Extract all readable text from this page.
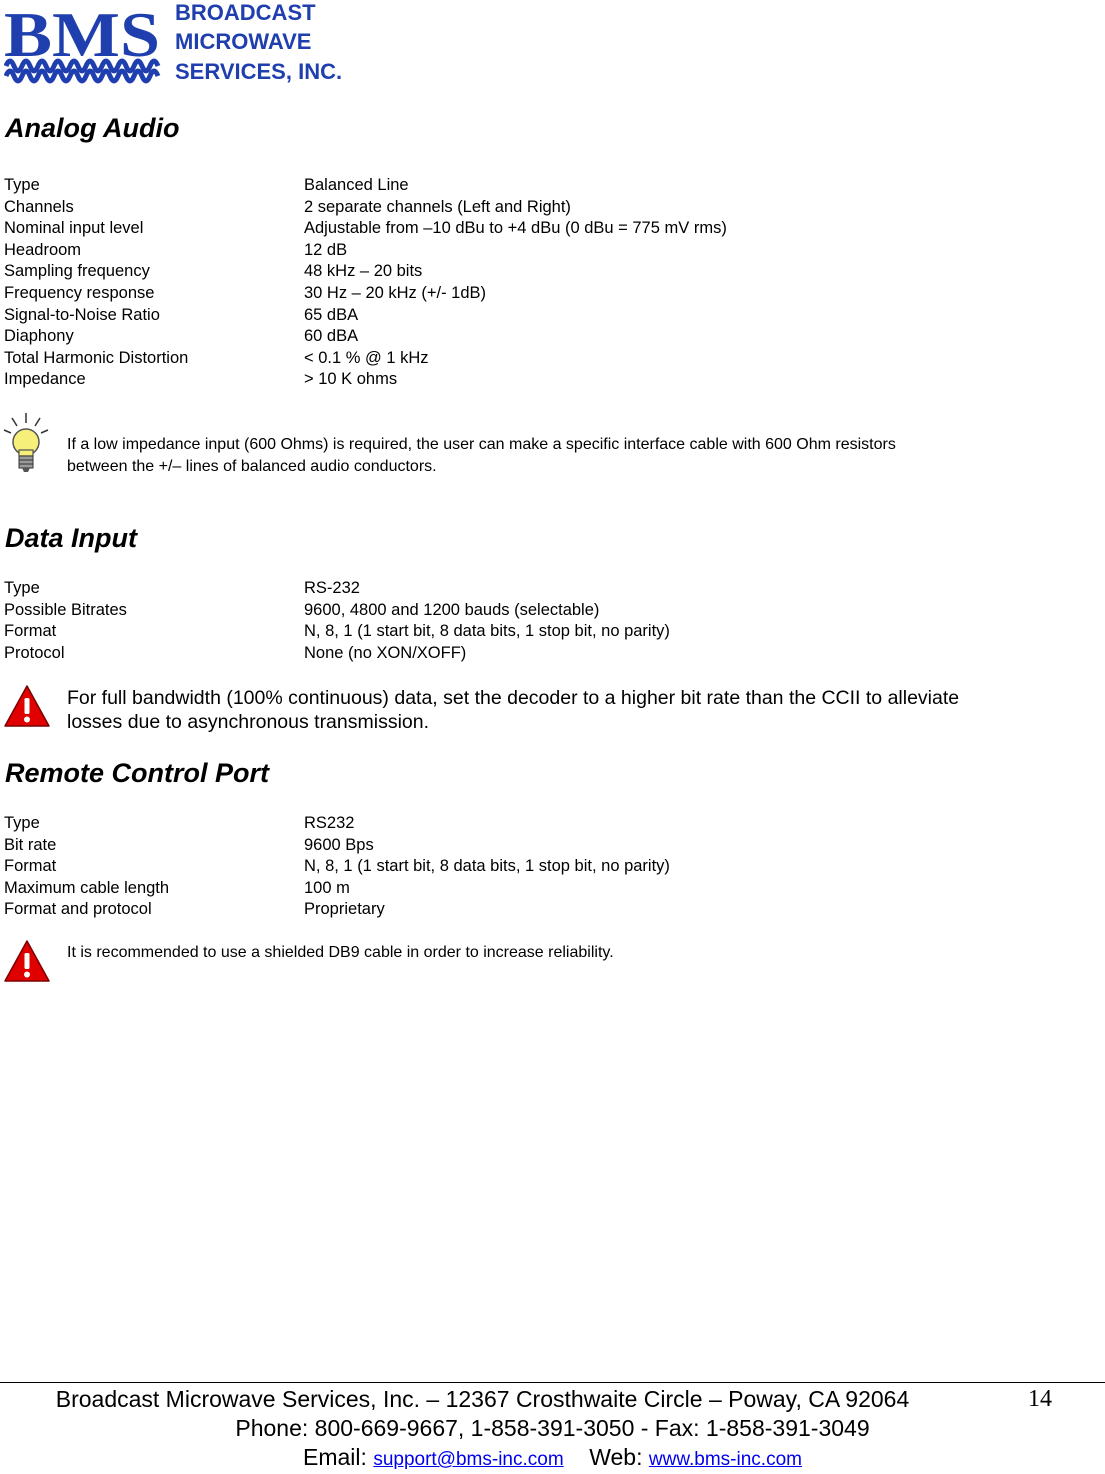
BMS BROADCAST
MICROWAVE
SERVICES, INC.
Analog Audio
Type	Balanced Line
Channels	2 separate channels (Left and Right)
Nominal input level	Adjustable from –10 dBu to +4 dBu (0 dBu = 775 mV rms)
Headroom	12 dB
Sampling frequency	48 kHz – 20 bits
Frequency response	30 Hz – 20 kHz (+/- 1dB)
Signal-to-Noise Ratio	65 dBA
Diaphony	60 dBA
Total Harmonic Distortion	< 0.1 % @ 1 kHz
Impedance	> 10 K ohms

If a low impedance input (600 Ohms) is required, the user can make a specific interface cable with 600 Ohm resistors
between the +/– lines of balanced audio conductors.

Data Input
Type	RS-232
Possible Bitrates	9600, 4800 and 1200 bauds (selectable)
Format	N, 8, 1 (1 start bit, 8 data bits, 1 stop bit, no parity)
Protocol	None (no XON/XOFF)

For full bandwidth (100% continuous) data, set the decoder to a higher bit rate than the CCII to alleviate
losses due to asynchronous transmission.

Remote Control Port
Type	RS232
Bit rate	9600 Bps
Format	N, 8, 1 (1 start bit, 8 data bits, 1 stop bit, no parity)
Maximum cable length	100 m
Format and protocol	Proprietary

It is recommended to use a shielded DB9 cable in order to increase reliability.

Broadcast Microwave Services, Inc. – 12367 Crosthwaite Circle – Poway, CA 92064
Phone: 800-669-9667, 1-858-391-3050 - Fax: 1-858-391-3049
Email: support@bms-inc.com Web: www.bms-inc.com
14
